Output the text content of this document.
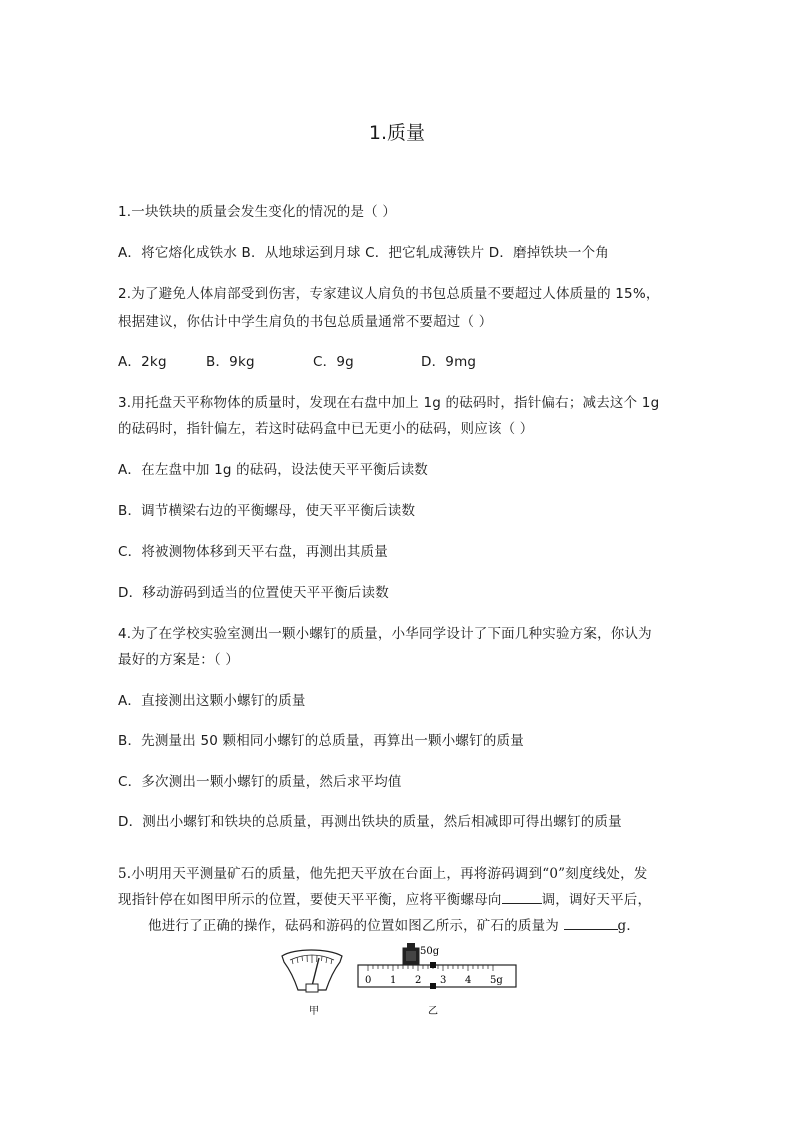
1.质量
1.一块铁块的质量会发生变化的情况的是（ ）
A．将它熔化成铁水 B．从地球运到月球 C．把它轧成薄铁片 D．磨掉铁块一个角
2.为了避免人体肩部受到伤害，专家建议人肩负的书包总质量不要超过人体质量的 15%，
根据建议，你估计中学生肩负的书包总质量通常不要超过（ ）
A．2kg	B．9kg	C．9g	D．9mg
3.用托盘天平称物体的质量时，发现在右盘中加上 1g 的砝码时，指针偏右；减去这个 1g
的砝码时，指针偏左，若这时砝码盒中已无更小的砝码，则应该（ ）
A．在左盘中加 1g 的砝码，设法使天平平衡后读数
B．调节横梁右边的平衡螺母，使天平平衡后读数
C．将被测物体移到天平右盘，再测出其质量
D．移动游码到适当的位置使天平平衡后读数
4.为了在学校实验室测出一颗小螺钉的质量，小华同学设计了下面几种实验方案，你认为
最好的方案是：（ ）
A．直接测出这颗小螺钉的质量
B．先测量出 50 颗相同小螺钉的总质量，再算出一颗小螺钉的质量
C．多次测出一颗小螺钉的质量，然后求平均值
D．测出小螺钉和铁块的总质量，再测出铁块的质量，然后相减即可得出螺钉的质量
5.小明用天平测量矿石的质量，他先把天平放在台面上，再将游码调到“0”刻度线处，发
现指针停在如图甲所示的位置，要使天平平衡，应将平衡螺母向	调，调好天平后，
他进行了正确的操作，砝码和游码的位置如图乙所示，矿石的质量为	g．
甲
50g
0 1 2 3 4 5g
乙
